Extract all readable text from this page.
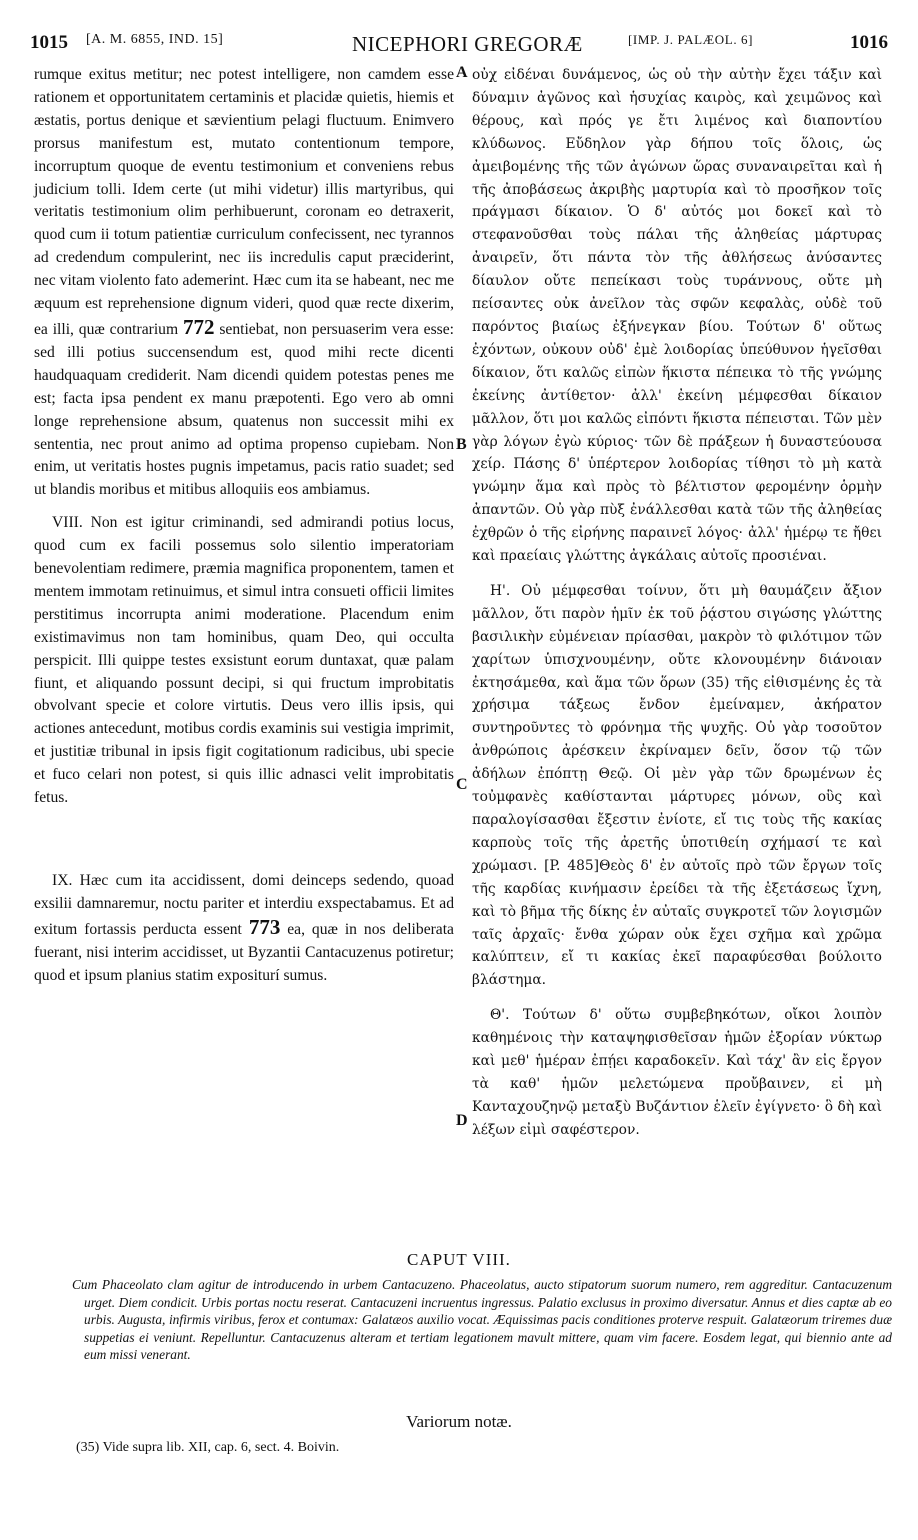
1015 [A. M. 6855, IND. 15]	NICEPHORI GREGORÆ	[IMP. J. PALÆOL. 6]	1016

rumque exitus metitur; nec potest intelligere, non camdem esse rationem et opportunitatem certaminis et placidæ quietis, hiemis et æstatis, portus denique et sævientium pelagi fluctuum. Enimvero prorsus manifestum est, mutato contentionum tempore, incorruptum quoque de eventu testimonium et conveniens rebus judicium tolli. Idem certe (ut mihi videtur) illis martyribus, qui veritatis testimonium olim perhibuerunt, coronam eo detraxerit, quod cum ii totum patientiæ curriculum confecissent, nec tyrannos ad credendum compulerint, nec iis incredulis caput præciderint, nec vitam violento fato ademerint. Hæc cum ita se habeant, nec me æquum est reprehensione dignum videri, quod quæ recte dixerim, ea illi, quæ contrarium 772 sentiebat, non persuaserim vera esse: sed illi potius succensendum est, quod mihi recte dicenti haudquaquam crediderit. Nam dicendi quidem potestas penes me est; facta ipsa pendent ex manu præpotenti. Ego vero ab omni longe reprehensione absum, quatenus non successit mihi ex sententia, nec prout animo ad optima propenso cupiebam. Non enim, ut veritatis hostes pugnis impetamus, pacis ratio suadet; sed ut blandis moribus et mitibus alloquiis eos ambiamus.

VIII. Non est igitur criminandi, sed admirandi potius locus, quod cum ex facili possemus solo silentio imperatoriam benevolentiam redimere, præmia magnifica proponentem, tamen et mentem immotam retinuimus, et simul intra consueti officii limites perstitimus incorrupta animi moderatione. Placendum enim existimavimus non tam hominibus, quam Deo, qui occulta perspicit. Illi quippe testes exsistunt eorum duntaxat, quæ palam fiunt, et aliquando possunt decipi, si qui fructum improbitatis obvolvant specie et colore virtutis. Deus vero illis ipsis, qui actiones antecedunt, motibus cordis examinis sui vestigia imprimit, et justitiæ tribunal in ipsis figit cogitationum radicibus, ubi specie et fuco celari non potest, si quis illic adnasci velit improbitatis fetus.

IX. Hæc cum ita accidissent, domi deinceps sedendo, quoad exsilii damnaremur, noctu pariter et interdiu exspectabamus. Et ad exitum fortassis perducta essent 773 ea, quæ in nos deliberata fuerant, nisi interim accidisset, ut Byzantii Cantacuzenus potiretur; quod et ipsum planius statim expositurí sumus.

A
B
C
D

οὐχ εἰδέναι δυνάμενος, ὡς οὐ τὴν αὐτὴν ἔχει τάξιν καὶ δύναμιν ἀγῶνος καὶ ἡσυχίας καιρὸς, καὶ χειμῶνος καὶ θέρους, καὶ πρός γε ἔτι λιμένος καὶ διαποντίου κλύδωνος. Εὔδηλον γὰρ δήπου τοῖς ὅλοις, ὡς ἀμειβομένης τῆς τῶν ἀγώνων ὥρας συναναιρεῖται καὶ ἡ τῆς ἀποβάσεως ἀκριβὴς μαρτυρία καὶ τὸ προσῆκον τοῖς πράγμασι δίκαιον. Ὁ δ' αὐτός μοι δοκεῖ καὶ τὸ στεφανοῦσθαι τοὺς πάλαι τῆς ἀληθείας μάρτυρας ἀναιρεῖν, ὅτι πάντα τὸν τῆς ἀθλήσεως ἀνύσαντες δίαυλον οὔτε πεπείκασι τοὺς τυράννους, οὔτε μὴ πείσαντες οὐκ ἀνεῖλον τὰς σφῶν κεφαλὰς, οὐδὲ τοῦ παρόντος βιαίως ἐξήνεγκαν βίου. Τούτων δ' οὕτως ἐχόντων, οὐκουν οὐδ' ἐμὲ λοιδορίας ὑπεύθυνον ἡγεῖσθαι δίκαιον, ὅτι καλῶς εἰπὼν ἥκιστα πέπεικα τὸ τῆς γνώμης ἐκείνης ἀντίθετον· ἀλλ' ἐκείνη μέμφεσθαι δίκαιον μᾶλλον, ὅτι μοι καλῶς εἰπόντι ἥκιστα πέπεισται. Τῶν μὲν γὰρ λόγων ἐγὼ κύριος· τῶν δὲ πράξεων ἡ δυναστεύουσα χείρ. Πάσης δ' ὑπέρτερον λοιδορίας τίθησι τὸ μὴ κατὰ γνώμην ἅμα καὶ πρὸς τὸ βέλτιστον φερομένην ὁρμὴν ἀπαντῶν. Οὐ γὰρ πὺξ ἐνάλλεσθαι κατὰ τῶν τῆς ἀληθείας ἐχθρῶν ὁ τῆς εἰρήνης παραινεῖ λόγος· ἀλλ' ἡμέρῳ τε ἤθει καὶ πραείαις γλώττης ἀγκάλαις αὐτοῖς προσιέναι.

Η'. Οὐ μέμφεσθαι τοίνυν, ὅτι μὴ θαυμάζειν ἄξιον μᾶλλον, ὅτι παρὸν ἡμῖν ἐκ τοῦ ῥᾴστου σιγώσης γλώττης βασιλικὴν εὐμένειαν πρίασθαι, μακρὸν τὸ φιλότιμον τῶν χαρίτων ὑπισχνουμένην, οὔτε κλονουμένην διάνοιαν ἐκτησάμεθα, καὶ ἅμα τῶν ὅρων (35) τῆς εἰθισμένης ἐς τὰ χρήσιμα τάξεως ἔνδον ἐμείναμεν, ἀκήρατον συντηροῦντες τὸ φρόνημα τῆς ψυχῆς. Οὐ γὰρ τοσοῦτον ἀνθρώποις ἀρέσκειν ἐκρίναμεν δεῖν, ὅσον τῷ τῶν ἀδήλων ἐπόπτῃ Θεῷ. Οἱ μὲν γὰρ τῶν δρωμένων ἐς τοὐμφανὲς καθίστανται μάρτυρες μόνων, οὓς καὶ παραλογίσασθαι ἔξεστιν ἐνίοτε, εἴ τις τοὺς τῆς κακίας καρποὺς τοῖς τῆς ἀρετῆς ὑποτιθείη σχήμασί τε καὶ χρώμασι. [P. 485]Θεὸς δ' ἐν αὐτοῖς πρὸ τῶν ἔργων τοῖς τῆς καρδίας κινήμασιν ἐρείδει τὰ τῆς ἐξετάσεως ἴχνη, καὶ τὸ βῆμα τῆς δίκης ἐν αὐταῖς συγκροτεῖ τῶν λογισμῶν ταῖς ἀρχαῖς· ἔνθα χώραν οὐκ ἔχει σχῆμα καὶ χρῶμα καλύπτειν, εἴ τι κακίας ἐκεῖ παραφύεσθαι βούλοιτο βλάστημα.

Θ'. Τούτων δ' οὕτω συμβεβηκότων, οἴκοι λοιπὸν καθημένοις τὴν καταψηφισθεῖσαν ἡμῶν ἐξορίαν νύκτωρ καὶ μεθ' ἡμέραν ἐπῄει καραδοκεῖν. Καὶ τάχ' ἂν εἰς ἔργον τὰ καθ' ἡμῶν μελετώμενα προὔβαινεν, εἰ μὴ Κανταχουζηνῷ μεταξὺ Βυζάντιον ἑλεῖν ἐγίγνετο· ὃ δὴ καὶ λέξων εἰμὶ σαφέστερον.

CAPUT VIII.
Cum Phaceolato clam agitur de introducendo in urbem Cantacuzeno. Phaceolatus, aucto stipatorum suorum numero, rem aggreditur. Cantacuzenum urget. Diem condicit. Urbis portas noctu reserat. Cantacuzeni incruentus ingressus. Palatio exclusus in proximo diversatur. Annus et dies captæ ab eo urbis. Augusta, infirmis viribus, ferox et contumax: Galatæos auxilio vocat. Æquissimas pacis conditiones proterve respuit. Galatæorum triremes duæ suppetias ei veniunt. Repelluntur. Cantacuzenus alteram et tertiam legationem mavult mittere, quam vim facere. Eosdem legat, qui biennio ante ad eum missi venerant.
Variorum notæ.
(35) Vide supra lib. XII, cap. 6, sect. 4. Boivin.
